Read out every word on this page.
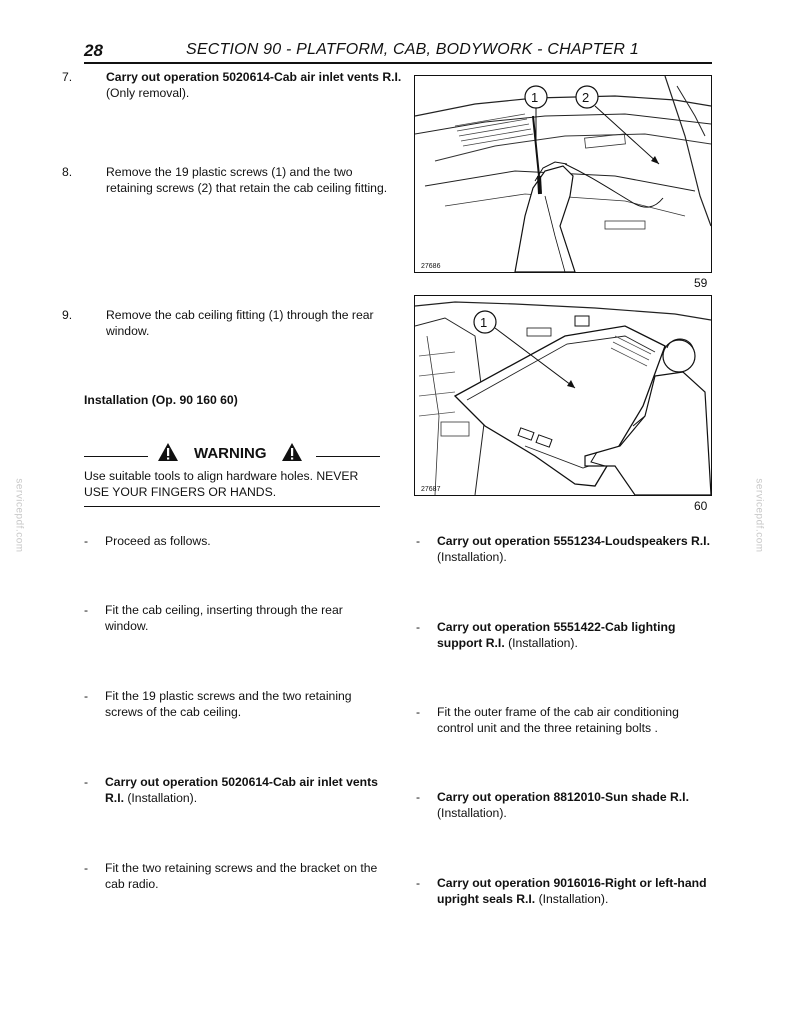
28	SECTION 90 - PLATFORM, CAB, BODYWORK - CHAPTER 1
servicepdf.com	servicepdf.com
7.	Carry out operation 5020614-Cab air inlet vents R.I. (Only removal).
8.	Remove the 19 plastic screws (1) and the two retaining screws (2) that retain the cab ceiling fitting.
9.	Remove the cab ceiling fitting (1) through the rear window.
Installation (Op. 90 160 60)
WARNING
Use suitable tools to align hardware holes. NEVER USE YOUR FINGERS OR HANDS.
- Proceed as follows.
- Fit the cab ceiling, inserting through the rear window.
- Fit the 19 plastic screws and the two retaining screws of the cab ceiling.
- Carry out operation 5020614-Cab air inlet vents R.I. (Installation).
- Fit the two retaining screws and the bracket on the cab radio.
- Carry out operation 5551234-Loudspeakers R.I. (Installation).
- Carry out operation 5551422-Cab lighting support R.I. (Installation).
- Fit the outer frame of the cab air conditioning control unit and the three retaining bolts .
- Carry out operation 8812010-Sun shade R.I. (Installation).
- Carry out operation 9016016-Right or left-hand upright seals R.I. (Installation).
1	2
27686
59
1
27687
60
